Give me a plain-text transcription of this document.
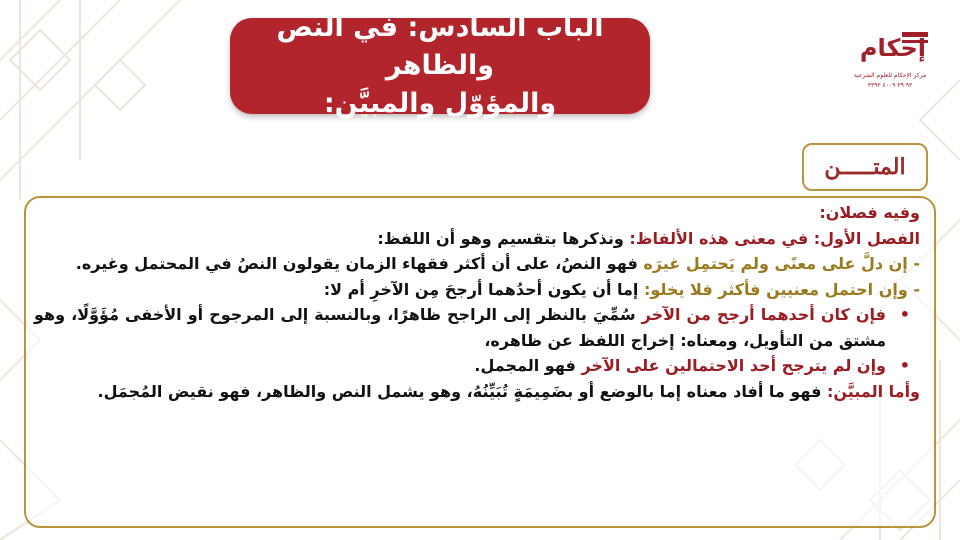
الباب السادس: في النص والظاهر
والمؤوّل والمبيَّن:
إحكام
مركز الإحكام للعلوم الشرعية
٩٣ ٣٩ ٤٠٠٩ ٣٣٩٣
المتـــــن

وفيه فصلان:

الفصل الأول: في معنى هذه الألفاظ: ونذكرها بتقسيم وهو أن اللفظ:

- إن دلَّ على معنًى ولم يَحتمِل غيرَه فهو النصُ، على أن أكثر فقهاء الزمان يقولون النصُ في المحتمل وغيره.

- وإن احتمل معنيين فأكثر فلا يخلو: إما أن يكون أحدُهما أرجحَ مِن الآخرِ أم لا:

• فإن كان أحدهما أرجح من الآخر سُمِّيَ بالنظر إلى الراجح ظاهرًا، وبالنسبة إلى المرجوح أو الأخفى مُؤَوَّلًا، وهو مشتق من التأويل، ومعناه: إخراج اللفظ عن ظاهره،

• وإن لم يترجح أحد الاحتمالين على الآخر فهو المجمل.

وأما المبيَّن: فهو ما أفاد معناه إما بالوضع أو بضَمِيمَةٍ تُبَيِّنُهُ، وهو يشمل النص والظاهر، فهو نقيض المُجمَل.
